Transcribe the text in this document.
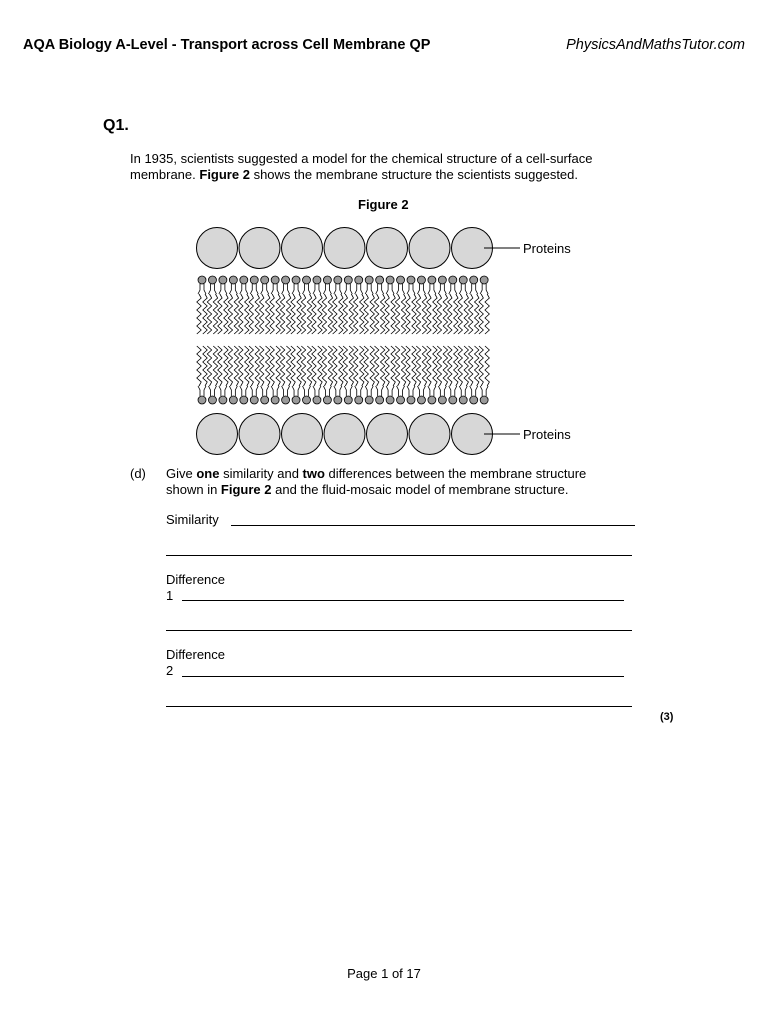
AQA Biology A-Level - Transport across Cell Membrane QP	PhysicsAndMathsTutor.com
Q1.
In 1935, scientists suggested a model for the chemical structure of a cell-surface
membrane. Figure 2 shows the membrane structure the scientists suggested.
Figure 2
Proteins
Proteins
(d) Give one similarity and two differences between the membrane structure
shown in Figure 2 and the fluid-mosaic model of membrane structure.
Similarity
Difference
1
Difference
2
(3)
Page 1 of 17
